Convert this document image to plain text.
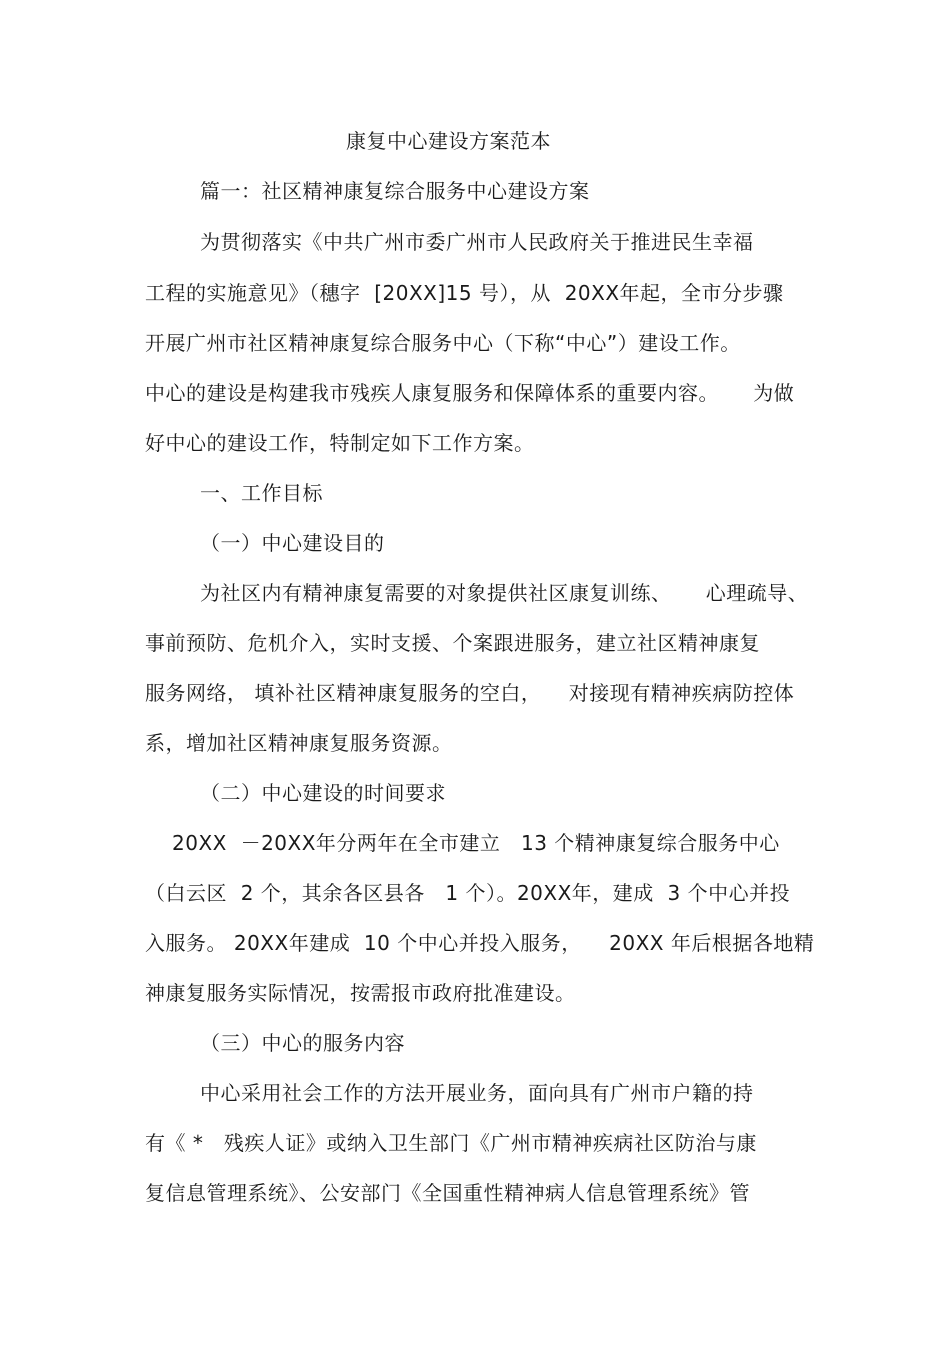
康复中心建设方案范本
篇一：社区精神康复综合服务中心建设方案
为贯彻落实《中共广州市委广州市人民政府关于推进民生幸福
工程的实施意见》（穗字  [20XX]15 号），从  20XX年起，全市分步骤
开展广州市社区精神康复综合服务中心（下称“中心”）建设工作。
中心的建设是构建我市残疾人康复服务和保障体系的重要内容。     为做
好中心的建设工作，特制定如下工作方案。
一、工作目标
（一）中心建设目的
为社区内有精神康复需要的对象提供社区康复训练、     心理疏导、
事前预防、危机介入，实时支援、个案跟进服务，建立社区精神康复
服务网络， 填补社区精神康复服务的空白，    对接现有精神疾病防控体
系，增加社区精神康复服务资源。
（二）中心建设的时间要求
20XX  －20XX年分两年在全市建立   13 个精神康复综合服务中心
（白云区  2 个，其余各区县各   1 个）。20XX年，建成  3 个中心并投
入服务。 20XX年建成  10 个中心并投入服务，    20XX 年后根据各地精
神康复服务实际情况，按需报市政府批准建设。
（三）中心的服务内容
中心采用社会工作的方法开展业务，面向具有广州市户籍的持
有《 *   残疾人证》或纳入卫生部门《广州市精神疾病社区防治与康
复信息管理系统》、公安部门《全国重性精神病人信息管理系统》管
